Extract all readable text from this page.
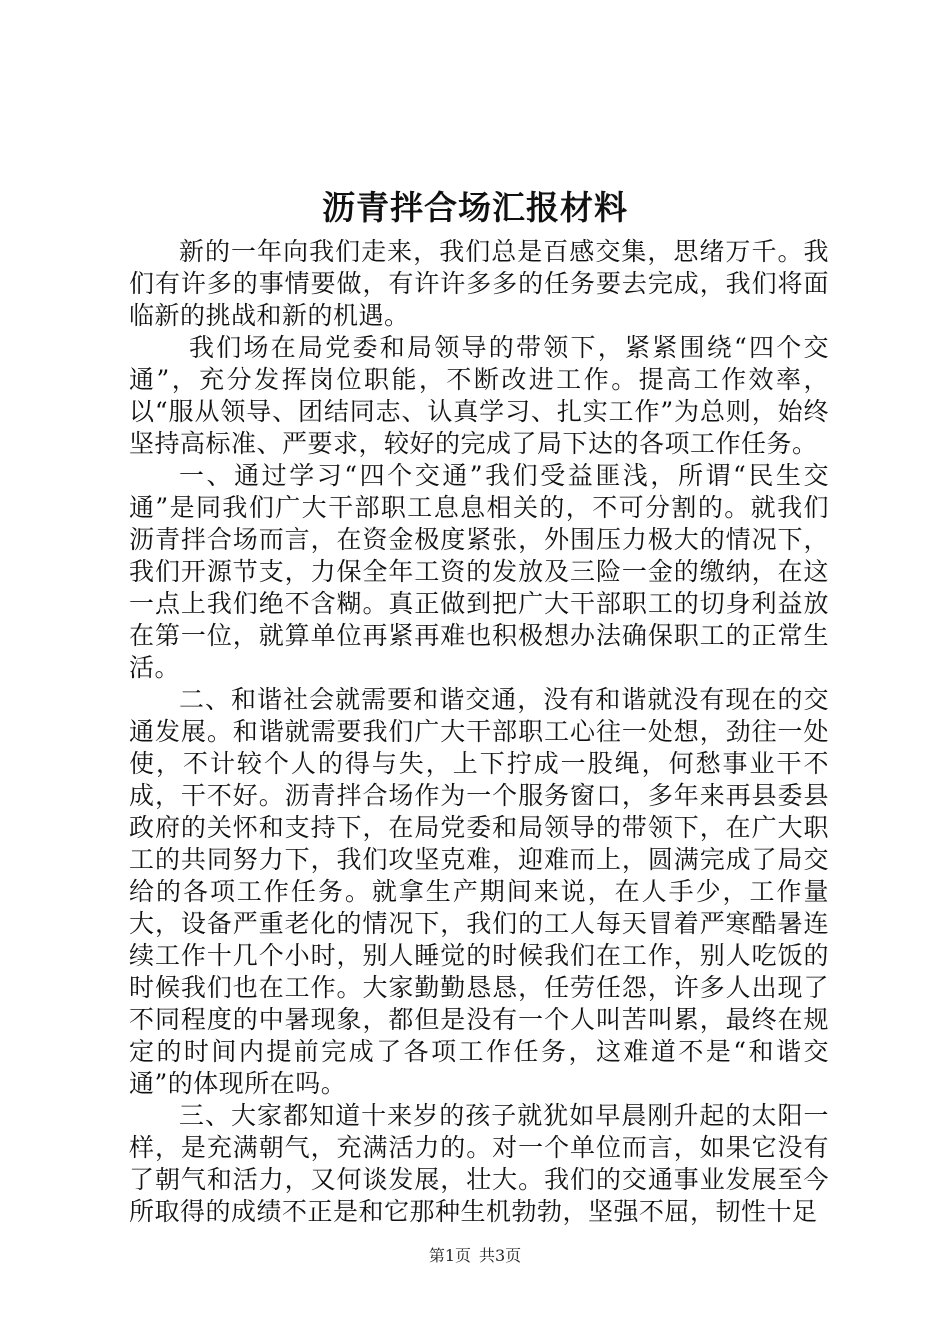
沥青拌合场汇报材料

新的一年向我们走来，我们总是百感交集，思绪万千。我们有许多的事情要做，有许许多多的任务要去完成，我们将面临新的挑战和新的机遇。

我们场在局党委和局领导的带领下，紧紧围绕“四个交通”，充分发挥岗位职能，不断改进工作。提高工作效率，以“服从领导、团结同志、认真学习、扎实工作”为总则，始终坚持高标准、严要求，较好的完成了局下达的各项工作任务。

一、通过学习“四个交通”我们受益匪浅，所谓“民生交通”是同我们广大干部职工息息相关的，不可分割的。就我们沥青拌合场而言，在资金极度紧张，外围压力极大的情况下，我们开源节支，力保全年工资的发放及三险一金的缴纳，在这一点上我们绝不含糊。真正做到把广大干部职工的切身利益放在第一位，就算单位再紧再难也积极想办法确保职工的正常生活。

二、和谐社会就需要和谐交通，没有和谐就没有现在的交通发展。和谐就需要我们广大干部职工心往一处想，劲往一处使，不计较个人的得与失，上下拧成一股绳，何愁事业干不成，干不好。沥青拌合场作为一个服务窗口，多年来再县委县政府的关怀和支持下，在局党委和局领导的带领下，在广大职工的共同努力下，我们攻坚克难，迎难而上，圆满完成了局交给的各项工作任务。就拿生产期间来说，在人手少，工作量大，设备严重老化的情况下，我们的工人每天冒着严寒酷暑连续工作十几个小时，别人睡觉的时候我们在工作，别人吃饭的时候我们也在工作。大家勤勤恳恳，任劳任怨，许多人出现了不同程度的中暑现象，都但是没有一个人叫苦叫累，最终在规定的时间内提前完成了各项工作任务，这难道不是“和谐交通”的体现所在吗。

三、大家都知道十来岁的孩子就犹如早晨刚升起的太阳一样，是充满朝气，充满活力的。对一个单位而言，如果它没有了朝气和活力，又何谈发展，壮大。我们的交通事业发展至今所取得的成绩不正是和它那种生机勃勃，坚强不屈，韧性十足

第1页 共3页
